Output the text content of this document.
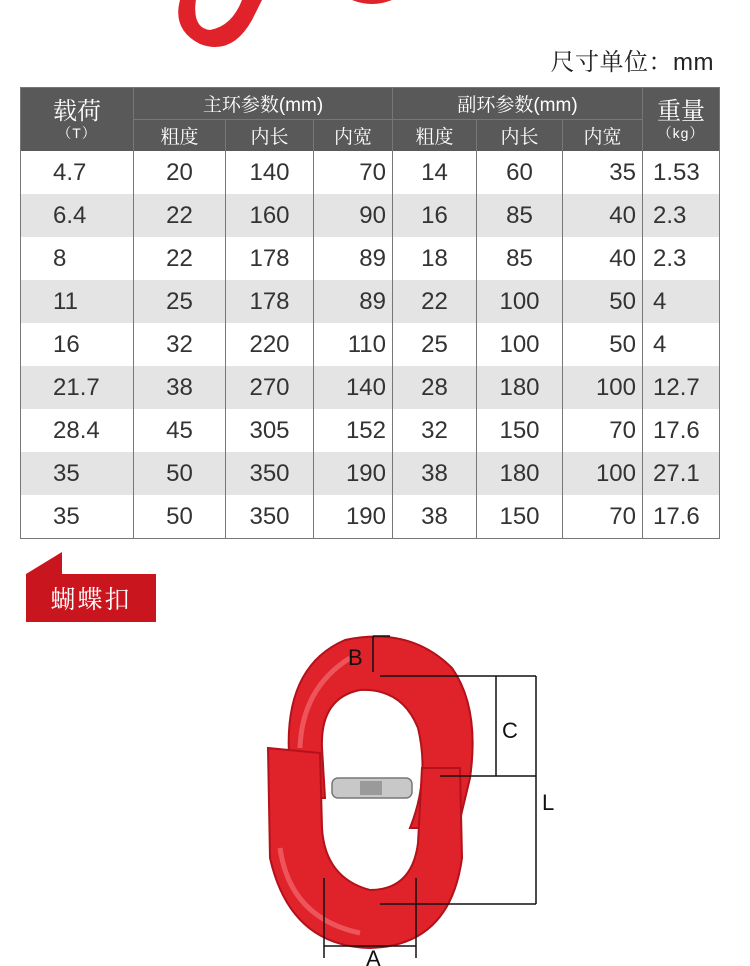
尺寸单位：mm
载荷
（T）	主环参数(mm)			副环参数(mm)			重量
（kg）

	粗度	内长	内宽	粗度	内长	内宽	
4.7	20	140	70	14	60	35	1.53
6.4	22	160	90	16	85	40	2.3
8	22	178	89	18	85	40	2.3
11	25	178	89	22	100	50	4
16	32	220	110	25	100	50	4
21.7	38	270	140	28	180	100	12.7
28.4	45	305	152	32	150	70	17.6
35	50	350	190	38	180	100	27.1
35	50	350	190	38	150	70	17.6
蝴蝶扣
B
C
L
A
